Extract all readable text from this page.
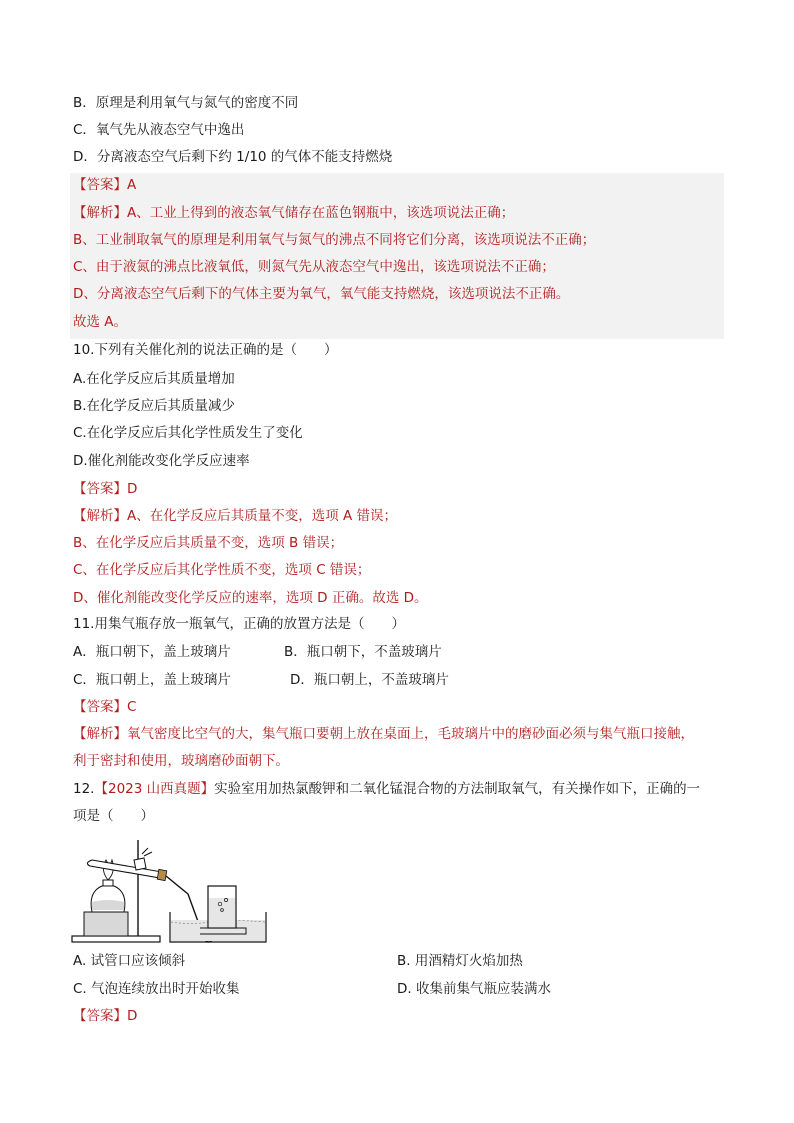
B．原理是利用氧气与氮气的密度不同
C．氧气先从液态空气中逸出
D．分离液态空气后剩下约 1/10 的气体不能支持燃烧
【答案】A
【解析】A、工业上得到的液态氧气储存在蓝色钢瓶中，该选项说法正确；
B、工业制取氧气的原理是利用氧气与氮气的沸点不同将它们分离，该选项说法不正确；
C、由于液氮的沸点比液氧低，则氮气先从液态空气中逸出，该选项说法不正确；
D、分离液态空气后剩下的气体主要为氧气，氧气能支持燃烧，该选项说法不正确。
故选 A。
10.下列有关催化剂的说法正确的是（　　）
A.在化学反应后其质量增加
B.在化学反应后其质量减少
C.在化学反应后其化学性质发生了变化
D.催化剂能改变化学反应速率
【答案】D
【解析】A、在化学反应后其质量不变，选项 A 错误；
B、在化学反应后其质量不变，选项 B 错误；
C、在化学反应后其化学性质不变，选项 C 错误；
D、催化剂能改变化学反应的速率，选项 D 正确。故选 D。
11.用集气瓶存放一瓶氧气，正确的放置方法是（　　）
A．瓶口朝下，盖上玻璃片	B．瓶口朝下，不盖玻璃片
C．瓶口朝上，盖上玻璃片	D．瓶口朝上，不盖玻璃片
【答案】C
【解析】氧气密度比空气的大，集气瓶口要朝上放在桌面上，毛玻璃片中的磨砂面必须与集气瓶口接触，
利于密封和使用，玻璃磨砂面朝下。
12.【2023 山西真题】实验室用加热氯酸钾和二氧化锰混合物的方法制取氧气，有关操作如下，正确的一
项是（　　）
A. 试管口应该倾斜	B. 用酒精灯火焰加热
C. 气泡连续放出时开始收集	D. 收集前集气瓶应装满水
【答案】D
